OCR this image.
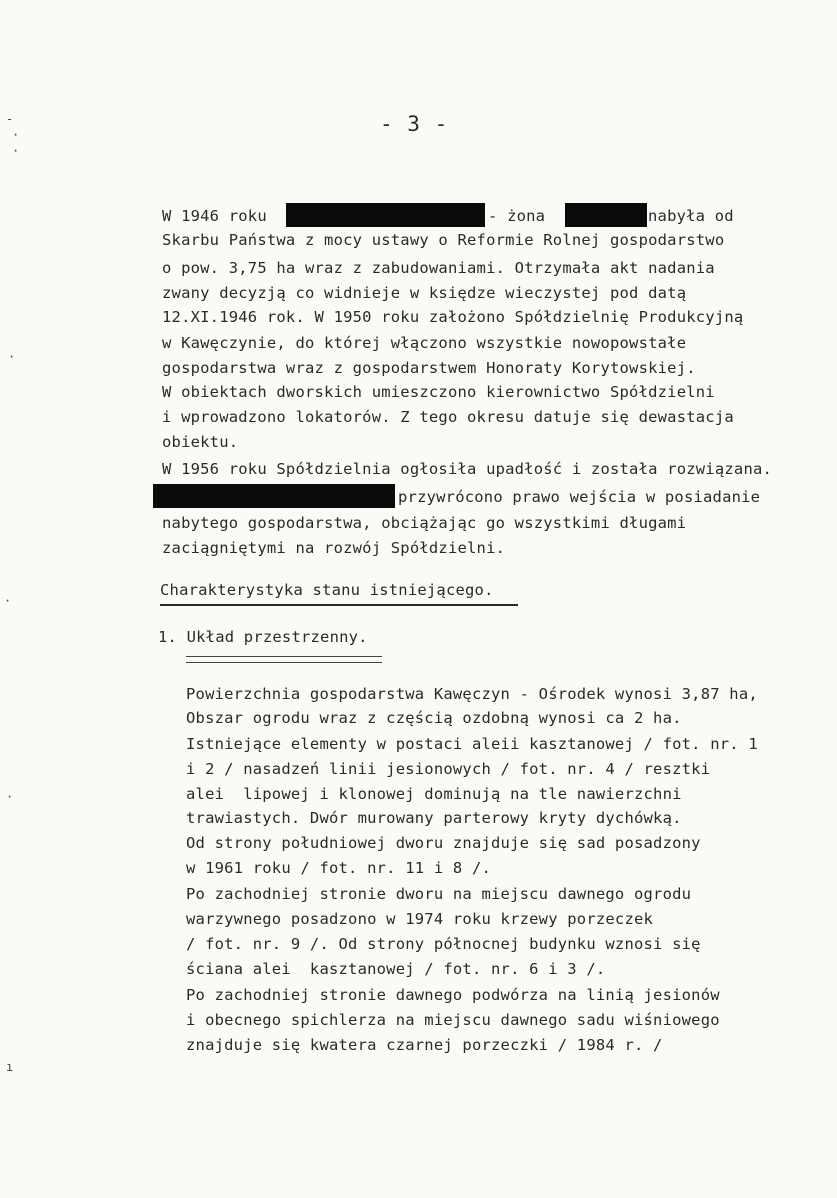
-
·
·
·
·
·
ı
- 3 -
W 1946 roku	- żona	nabyła od
Skarbu Państwa z mocy ustawy o Reformie Rolnej gospodarstwo
o pow. 3,75 ha wraz z zabudowaniami. Otrzymała akt nadania
zwany decyzją co widnieje w księdze wieczystej pod datą
12.XI.1946 rok. W 1950 roku założono Spółdzielnię Produkcyjną
w Kawęczynie, do której włączono wszystkie nowopowstałe
gospodarstwa wraz z gospodarstwem Honoraty Korytowskiej.
W obiektach dworskich umieszczono kierownictwo Spółdzielni
i wprowadzono lokatorów. Z tego okresu datuje się dewastacja
obiektu.
W 1956 roku Spółdzielnia ogłosiła upadłość i została rozwiązana.
przywrócono prawo wejścia w posiadanie
nabytego gospodarstwa, obciążając go wszystkimi długami
zaciągniętymi na rozwój Spółdzielni.
Charakterystyka stanu istniejącego.
1. Układ przestrzenny.
Powierzchnia gospodarstwa Kawęczyn - Ośrodek wynosi 3,87 ha,
Obszar ogrodu wraz z częścią ozdobną wynosi ca 2 ha.
Istniejące elementy w postaci aleii kasztanowej / fot. nr. 1
i 2 / nasadzeń linii jesionowych / fot. nr. 4 / resztki
alei  lipowej i klonowej dominują na tle nawierzchni
trawiastych. Dwór murowany parterowy kryty dychówką.
Od strony południowej dworu znajduje się sad posadzony
w 1961 roku / fot. nr. 11 i 8 /.
Po zachodniej stronie dworu na miejscu dawnego ogrodu
warzywnego posadzono w 1974 roku krzewy porzeczek
/ fot. nr. 9 /. Od strony północnej budynku wznosi się
ściana alei  kasztanowej / fot. nr. 6 i 3 /.
Po zachodniej stronie dawnego podwórza na linią jesionów
i obecnego spichlerza na miejscu dawnego sadu wiśniowego
znajduje się kwatera czarnej porzeczki / 1984 r. /
